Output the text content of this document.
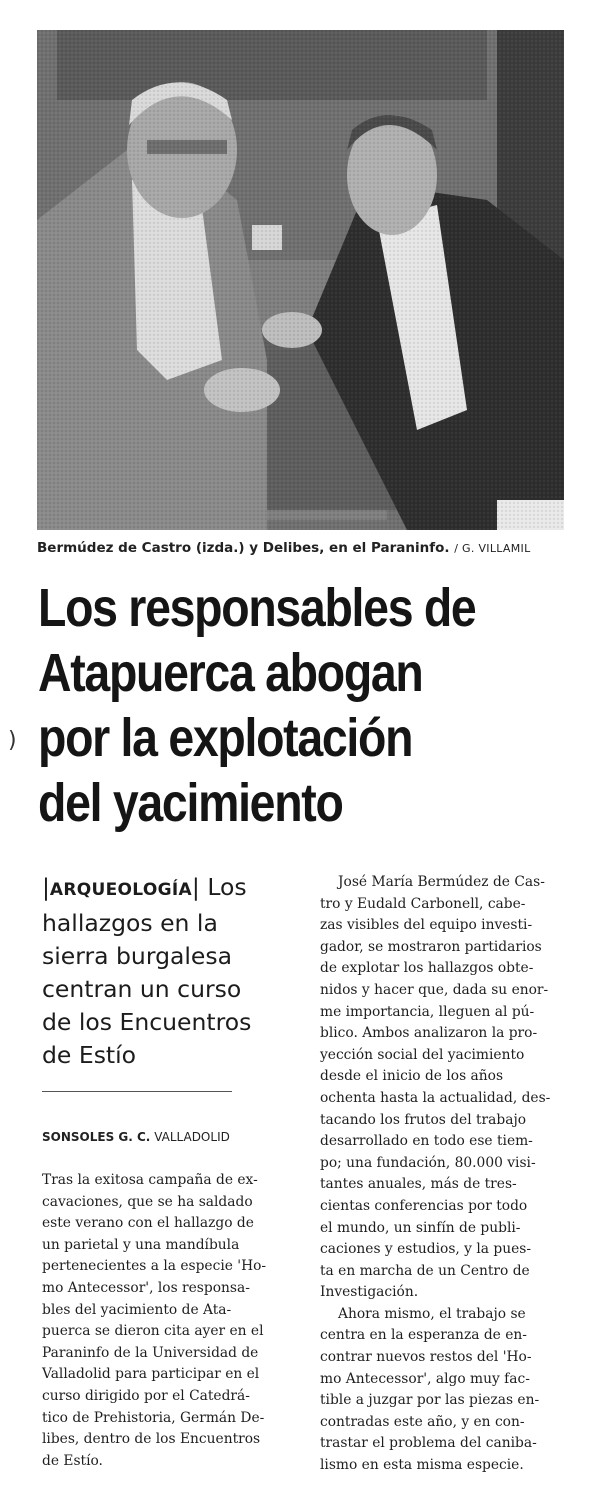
Bermúdez de Castro (izda.) y Delibes, en el Paraninfo. / G. VILLAMIL
Los responsables de
Atapuerca abogan
por la explotación
del yacimiento
)
|ARQUEOLOGÍA| Los
hallazgos en la
sierra burgalesa
centran un curso
de los Encuentros
de Estío
SONSOLES G. C. VALLADOLID
Tras la exitosa campaña de ex-
cavaciones, que se ha saldado
este verano con el hallazgo de
un parietal y una mandíbula
pertenecientes a la especie 'Ho-
mo Antecessor', los responsa-
bles del yacimiento de Ata-
puerca se dieron cita ayer en el
Paraninfo de la Universidad de
Valladolid para participar en el
curso dirigido por el Catedrá-
tico de Prehistoria, Germán De-
libes, dentro de los Encuentros
de Estío.
José María Bermúdez de Cas-
tro y Eudald Carbonell, cabe-
zas visibles del equipo investi-
gador, se mostraron partidarios
de explotar los hallazgos obte-
nidos y hacer que, dada su enor-
me importancia, lleguen al pú-
blico. Ambos analizaron la pro-
yección social del yacimiento
desde el inicio de los años
ochenta hasta la actualidad, des-
tacando los frutos del trabajo
desarrollado en todo ese tiem-
po; una fundación, 80.000 visi-
tantes anuales, más de tres-
cientas conferencias por todo
el mundo, un sinfín de publi-
caciones y estudios, y la pues-
ta en marcha de un Centro de
Investigación.
Ahora mismo, el trabajo se
centra en la esperanza de en-
contrar nuevos restos del 'Ho-
mo Antecessor', algo muy fac-
tible a juzgar por las piezas en-
contradas este año, y en con-
trastar el problema del caniba-
lismo en esta misma especie.
